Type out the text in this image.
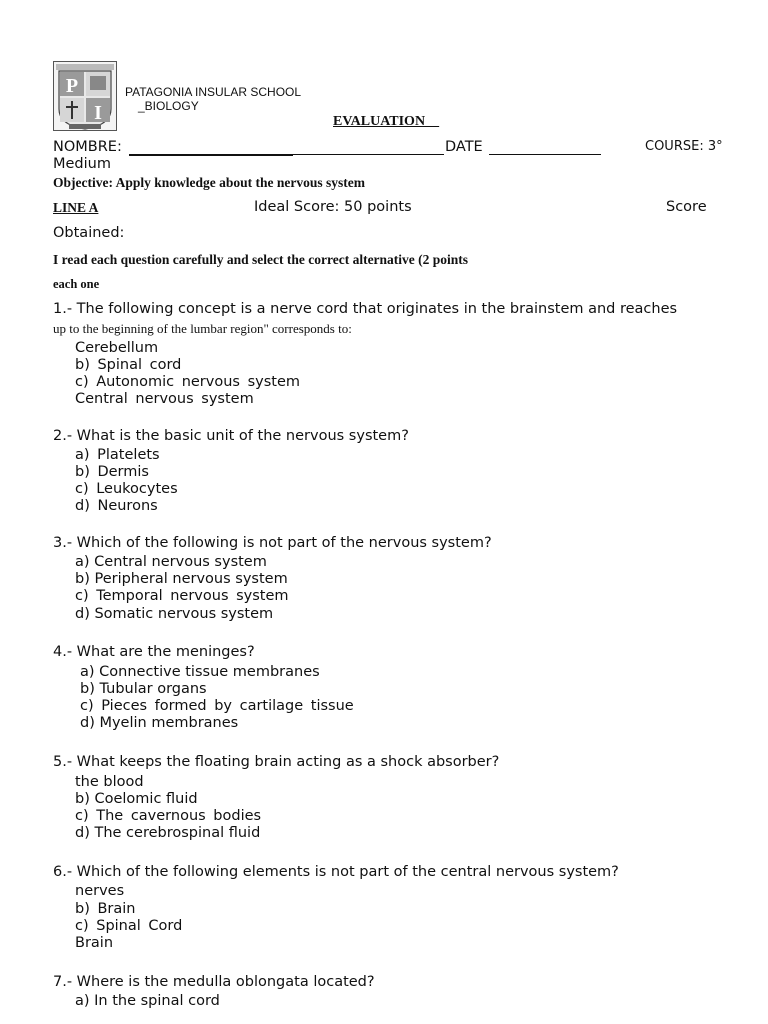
P
I
PATAGONIA INSULAR SCHOOL
_BIOLOGY
EVALUATION__
NOMBRE:	DATE	COURSE: 3°
Medium
Objective: Apply knowledge about the nervous system
LINE A	Ideal Score: 50 points	Score
Obtained:
I read each question carefully and select the correct alternative (2 points
each one
1.- The following concept is a nerve cord that originates in the brainstem and reaches
up to the beginning of the lumbar region" corresponds to:
Cerebellum
b) Spinal cord
c) Autonomic nervous system
Central nervous system
2.- What is the basic unit of the nervous system?
a) Platelets
b) Dermis
c) Leukocytes
d) Neurons
3.- Which of the following is not part of the nervous system?
a) Central nervous system
b) Peripheral nervous system
c) Temporal nervous system
d) Somatic nervous system
4.- What are the meninges?
a) Connective tissue membranes
b) Tubular organs
c) Pieces formed by cartilage tissue
d) Myelin membranes
5.- What keeps the floating brain acting as a shock absorber?
the blood
b) Coelomic fluid
c) The cavernous bodies
d) The cerebrospinal fluid
6.- Which of the following elements is not part of the central nervous system?
nerves
b) Brain
c) Spinal Cord
Brain
7.- Where is the medulla oblongata located?
a) In the spinal cord
